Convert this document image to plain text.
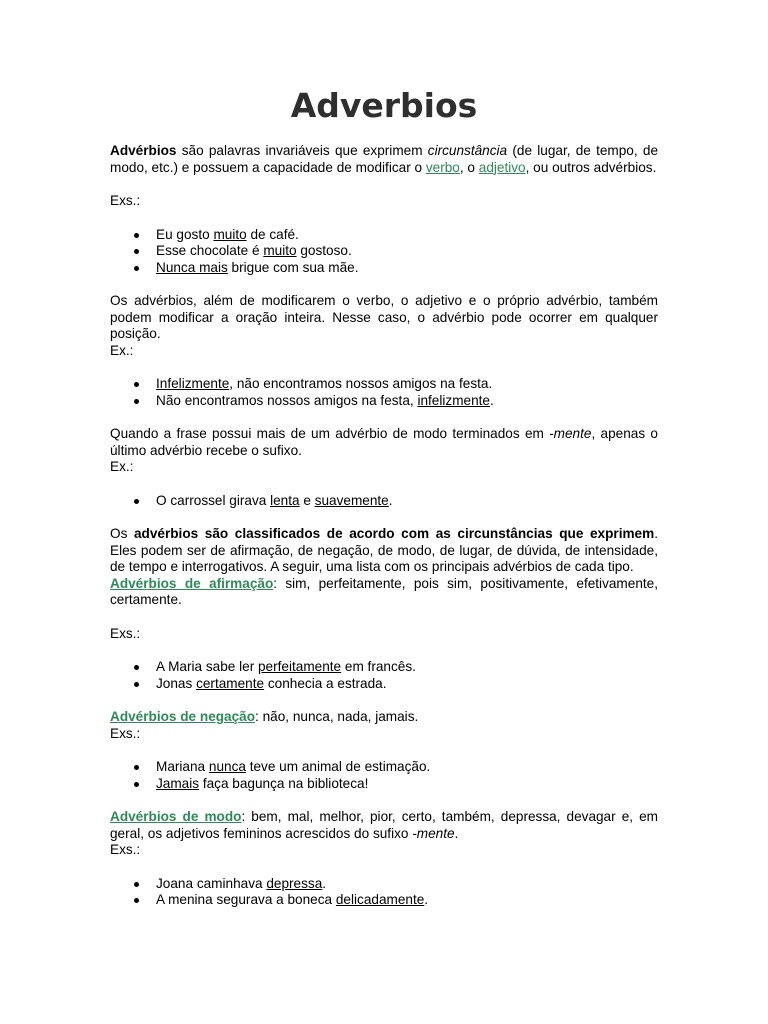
Adverbios

Advérbios são palavras invariáveis que exprimem circunstância (de lugar, de tempo, de modo, etc.) e possuem a capacidade de modificar o verbo, o adjetivo, ou outros advérbios.

Exs.:

Eu gosto muito de café.
Esse chocolate é muito gostoso.
Nunca mais brigue com sua mãe.

Os advérbios, além de modificarem o verbo, o adjetivo e o próprio advérbio, também podem modificar a oração inteira. Nesse caso, o advérbio pode ocorrer em qualquer posição.

Ex.:

Infelizmente, não encontramos nossos amigos na festa.
Não encontramos nossos amigos na festa, infelizmente.

Quando a frase possui mais de um advérbio de modo terminados em -mente, apenas o último advérbio recebe o sufixo.

Ex.:

O carrossel girava lenta e suavemente.

Os advérbios são classificados de acordo com as circunstâncias que exprimem. Eles podem ser de afirmação, de negação, de modo, de lugar, de dúvida, de intensidade, de tempo e interrogativos. A seguir, uma lista com os principais advérbios de cada tipo.

Advérbios de afirmação: sim, perfeitamente, pois sim, positivamente, efetivamente, certamente.

Exs.:

A Maria sabe ler perfeitamente em francês.
Jonas certamente conhecia a estrada.

Advérbios de negação: não, nunca, nada, jamais.

Exs.:

Mariana nunca teve um animal de estimação.
Jamais faça bagunça na biblioteca!

Advérbios de modo: bem, mal, melhor, pior, certo, também, depressa, devagar e, em geral, os adjetivos femininos acrescidos do sufixo -mente.

Exs.:

Joana caminhava depressa.
A menina segurava a boneca delicadamente.
